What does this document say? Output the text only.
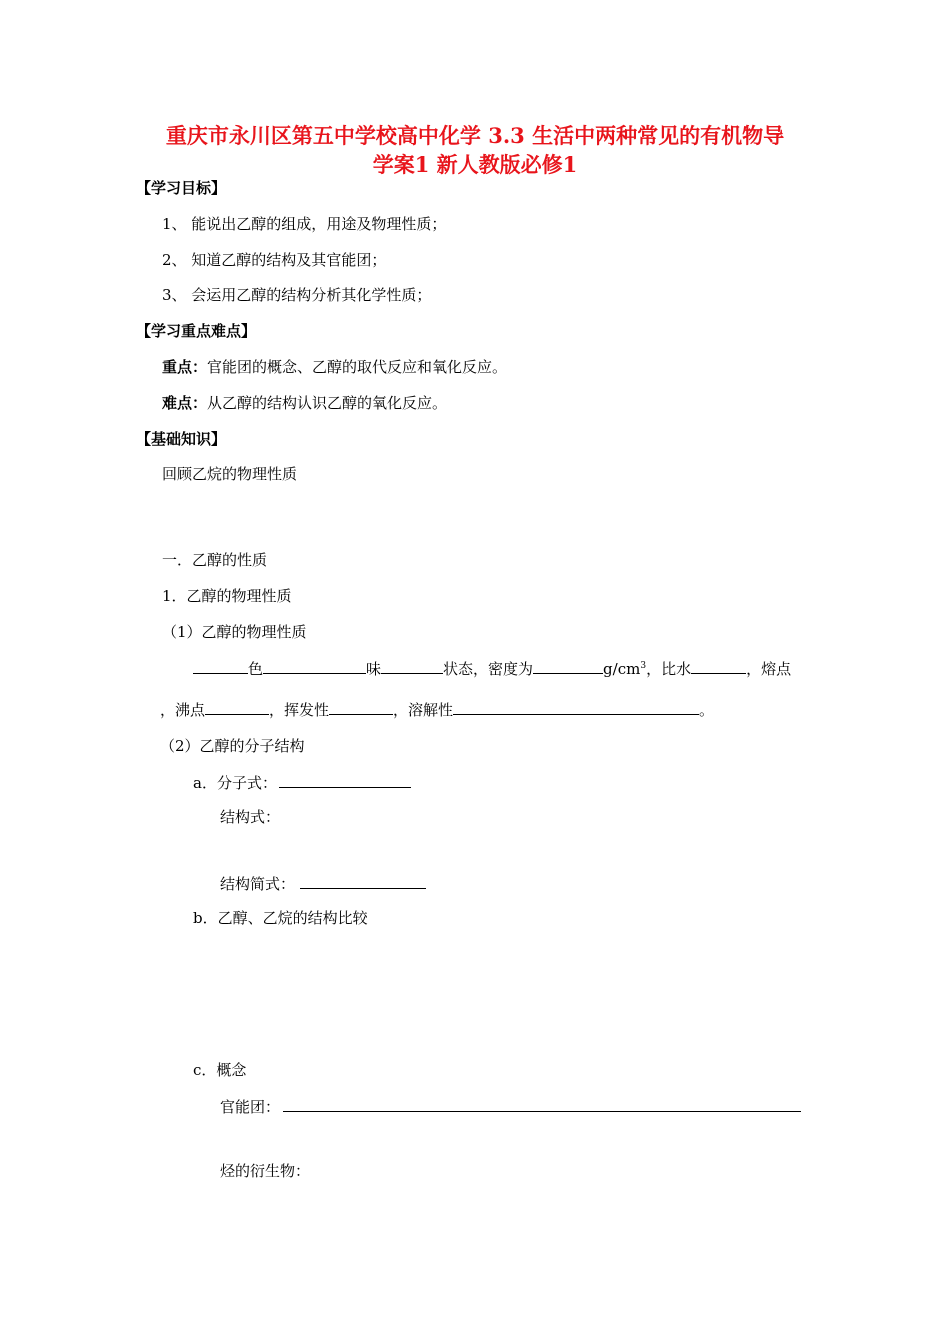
重庆市永川区第五中学校高中化学 3.3 生活中两种常见的有机物导
学案1 新人教版必修1
【学习目标】
1、 能说出乙醇的组成，用途及物理性质；
2、 知道乙醇的结构及其官能团；
3、 会运用乙醇的结构分析其化学性质；
【学习重点难点】
重点：官能团的概念、乙醇的取代反应和氧化反应。
难点：从乙醇的结构认识乙醇的氧化反应。
【基础知识】
回顾乙烷的物理性质
一．乙醇的性质
1．乙醇的物理性质
（1）乙醇的物理性质
色	味	状态，密度为	$g/cm^3$，比水	，熔点
，沸点	，挥发性	，溶解性	。
（2）乙醇的分子结构
a．分子式：
结构式：
结构简式：
b．乙醇、乙烷的结构比较
c．概念
官能团：
烃的衍生物：
